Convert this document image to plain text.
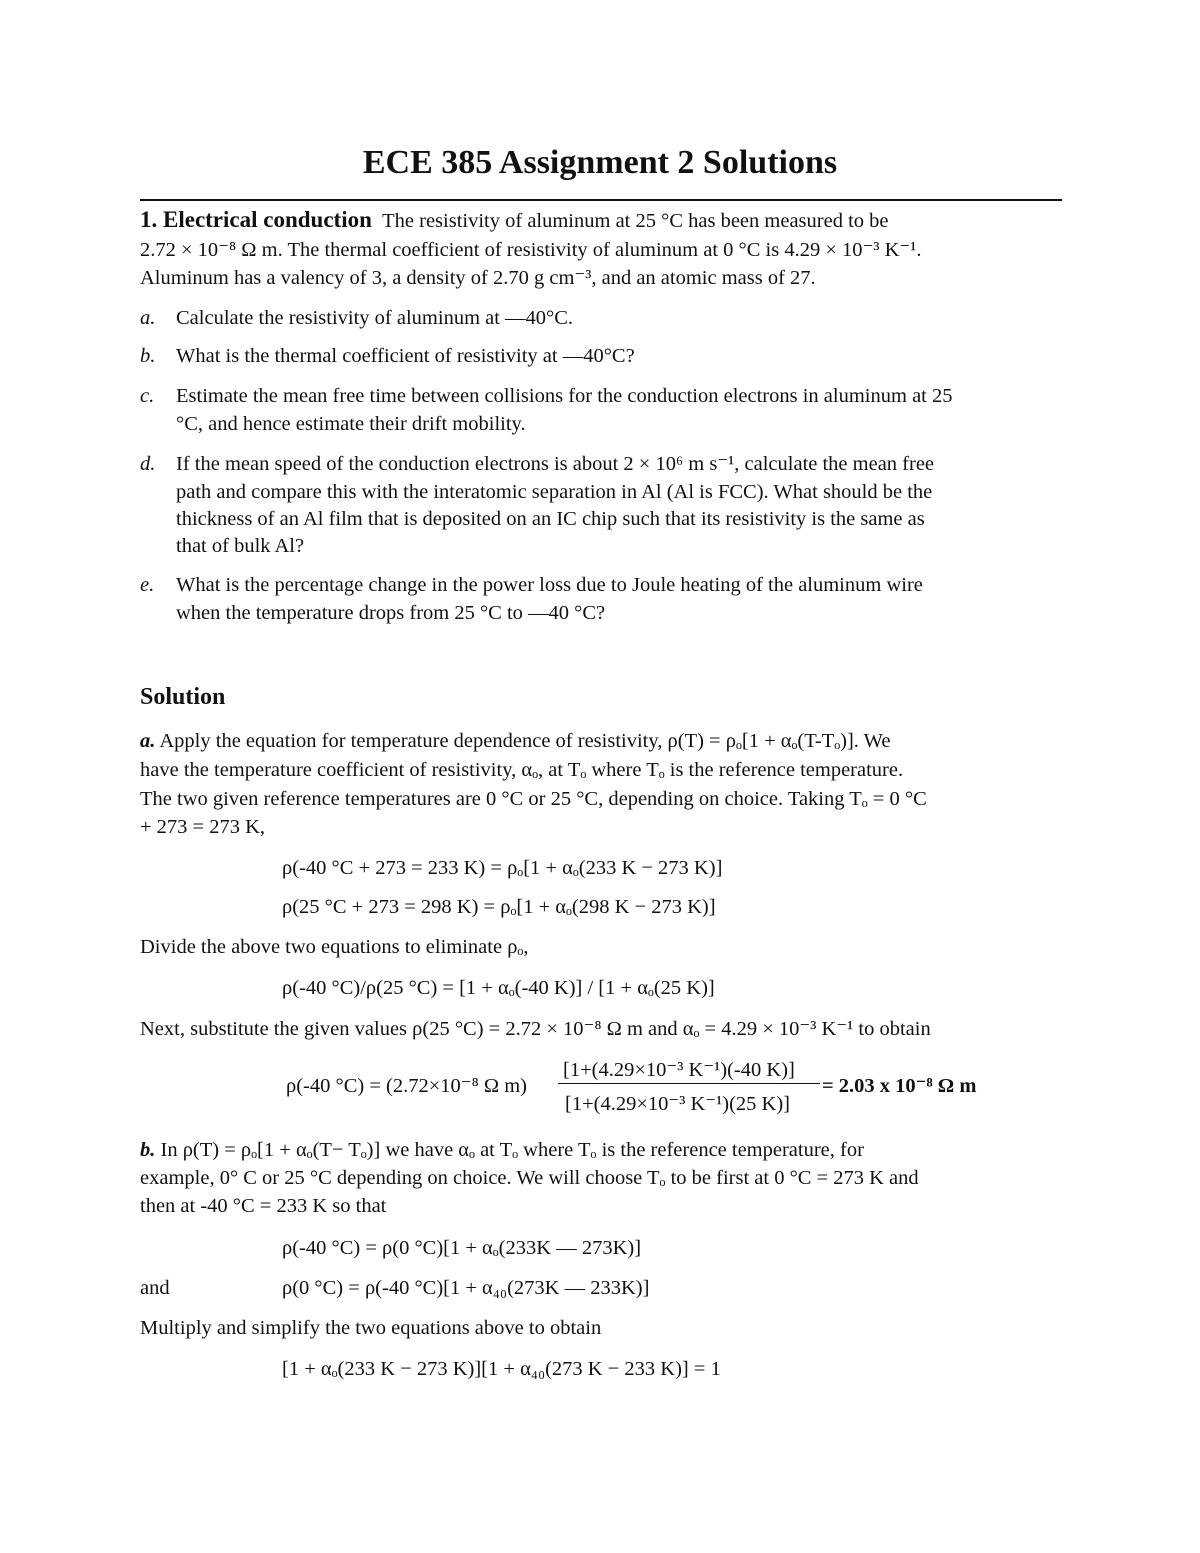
ECE 385 Assignment 2 Solutions
1. Electrical conduction The resistivity of aluminum at 25 °C has been measured to be
2.72 × 10⁻⁸ Ω m. The thermal coefficient of resistivity of aluminum at 0 °C is 4.29 × 10⁻³ K⁻¹.
Aluminum has a valency of 3, a density of 2.70 g cm⁻³, and an atomic mass of 27.
a. Calculate the resistivity of aluminum at —40°C.
b. What is the thermal coefficient of resistivity at —40°C?
c. Estimate the mean free time between collisions for the conduction electrons in aluminum at 25
°C, and hence estimate their drift mobility.
d. If the mean speed of the conduction electrons is about 2 × 10⁶ m s⁻¹, calculate the mean free
path and compare this with the interatomic separation in Al (Al is FCC). What should be the
thickness of an Al film that is deposited on an IC chip such that its resistivity is the same as
that of bulk Al?
e. What is the percentage change in the power loss due to Joule heating of the aluminum wire
when the temperature drops from 25 °C to —40 °C?
Solution
a. Apply the equation for temperature dependence of resistivity, ρ(T) = ρₒ[1 + αₒ(T-Tₒ)]. We
have the temperature coefficient of resistivity, αₒ, at Tₒ where Tₒ is the reference temperature.
The two given reference temperatures are 0 °C or 25 °C, depending on choice. Taking Tₒ = 0 °C
+ 273 = 273 K,
ρ(-40 °C + 273 = 233 K) = ρₒ[1 + αₒ(233 K − 273 K)]
ρ(25 °C + 273 = 298 K) = ρₒ[1 + αₒ(298 K − 273 K)]
Divide the above two equations to eliminate ρₒ,
ρ(-40 °C)/ρ(25 °C) = [1 + αₒ(-40 K)] / [1 + αₒ(25 K)]
Next, substitute the given values ρ(25 °C) = 2.72 × 10⁻⁸ Ω m and αₒ = 4.29 × 10⁻³ K⁻¹ to obtain
ρ(-40 °C) = (2.72×10⁻⁸ Ω m)
[1+(4.29×10⁻³ K⁻¹)(-40 K)]
[1+(4.29×10⁻³ K⁻¹)(25 K)]
= 2.03 x 10⁻⁸ Ω m
b. In ρ(T) = ρₒ[1 + αₒ(T− Tₒ)] we have αₒ at Tₒ where Tₒ is the reference temperature, for
example, 0° C or 25 °C depending on choice. We will choose Tₒ to be first at 0 °C = 273 K and
then at -40 °C = 233 K so that
ρ(-40 °C) = ρ(0 °C)[1 + αₒ(233K — 273K)]
and	ρ(0 °C) = ρ(-40 °C)[1 + α₄₀(273K — 233K)]
Multiply and simplify the two equations above to obtain
[1 + αₒ(233 K − 273 K)][1 + α₄₀(273 K − 233 K)] = 1
